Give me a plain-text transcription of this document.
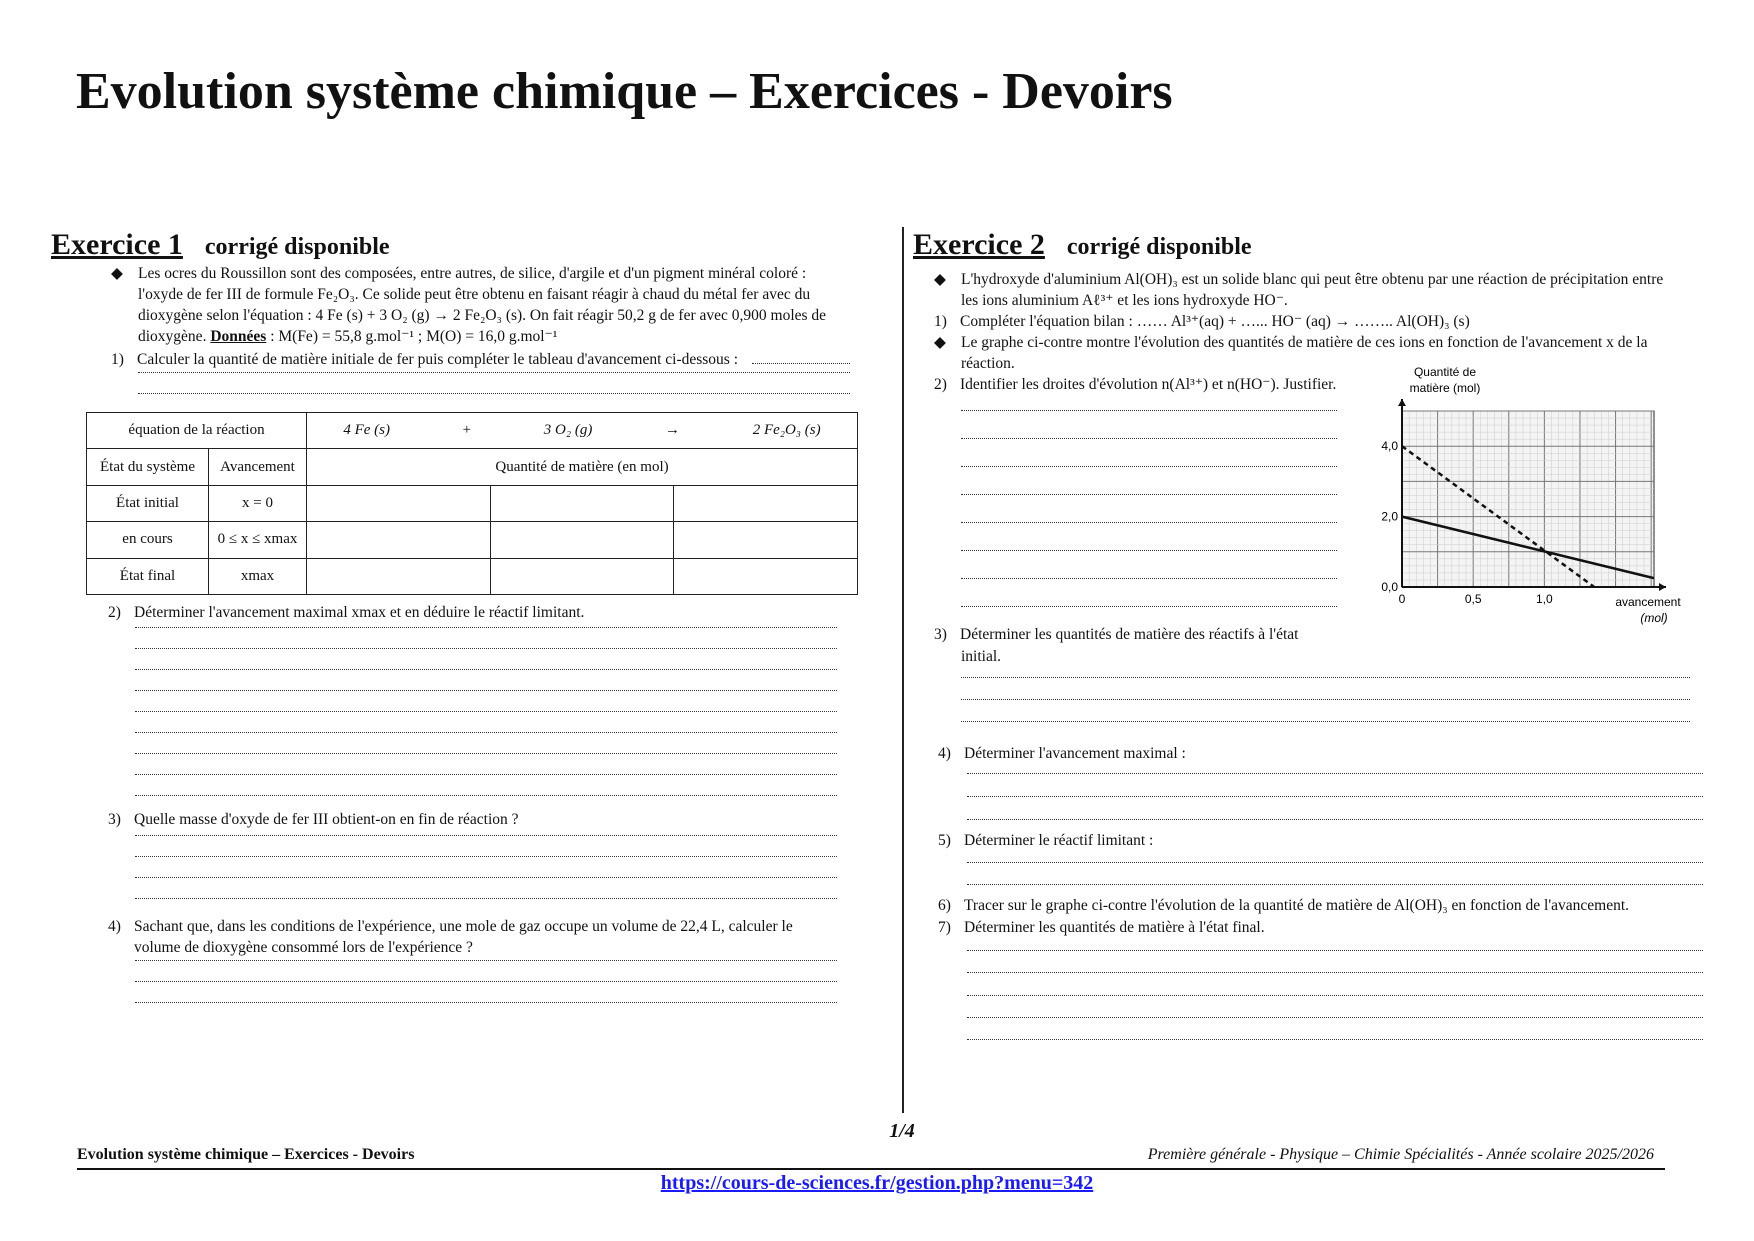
Evolution système chimique – Exercices - Devoirs
Exercice 1 corrigé disponible
◆ Les ocres du Roussillon sont des composées, entre autres, de silice, d'argile et d'un pigment minéral coloré :
l'oxyde de fer III de formule Fe₂O₃. Ce solide peut être obtenu en faisant réagir à chaud du métal fer avec du
dioxygène selon l'équation : 4 Fe (s) + 3 O₂ (g) → 2 Fe₂O₃ (s). On fait réagir 50,2 g de fer avec 0,900 moles de
dioxygène. Données : M(Fe) = 55,8 g.mol⁻¹ ; M(O) = 16,0 g.mol⁻¹
1) Calculer la quantité de matière initiale de fer puis compléter le tableau d'avancement ci-dessous :
équation de la réaction		4 Fe (s) + 3 O₂ (g) → 2 Fe₂O₃ (s)		

État du système	Avancement	Quantité de matière (en mol)		
État initial	x = 0			
en cours	0 ≤ x ≤ xmax			
État final	xmax			
2) Déterminer l'avancement maximal xmax et en déduire le réactif limitant.
3) Quelle masse d'oxyde de fer III obtient-on en fin de réaction ?
4) Sachant que, dans les conditions de l'expérience, une mole de gaz occupe un volume de 22,4 L, calculer le
volume de dioxygène consommé lors de l'expérience ?
Exercice 2 corrigé disponible
◆ L'hydroxyde d'aluminium Al(OH)₃ est un solide blanc qui peut être obtenu par une réaction de précipitation entre
les ions aluminium Aℓ³⁺ et les ions hydroxyde HO⁻.
1) Compléter l'équation bilan : …… Al³⁺(aq) + …... HO⁻ (aq) → …….. Al(OH)₃ (s)
◆ Le graphe ci-contre montre l'évolution des quantités de matière de ces ions en fonction de l'avancement x de la
réaction.
2) Identifier les droites d'évolution n(Al³⁺) et n(HO⁻). Justifier.
3) Déterminer les quantités de matière des réactifs à l'état
initial.
4) Déterminer l'avancement maximal :
5) Déterminer le réactif limitant :
6) Tracer sur le graphe ci-contre l'évolution de la quantité de matière de Al(OH)₃ en fonction de l'avancement.
7) Déterminer les quantités de matière à l'état final.
Quantité de
matière (mol)
avancement
(mol)
0	0,5	1,0
0,0
2,0
4,0
1/4
Evolution système chimique – Exercices - Devoirs	Première générale - Physique – Chimie Spécialités - Année scolaire 2025/2026
https://cours-de-sciences.fr/gestion.php?menu=342
